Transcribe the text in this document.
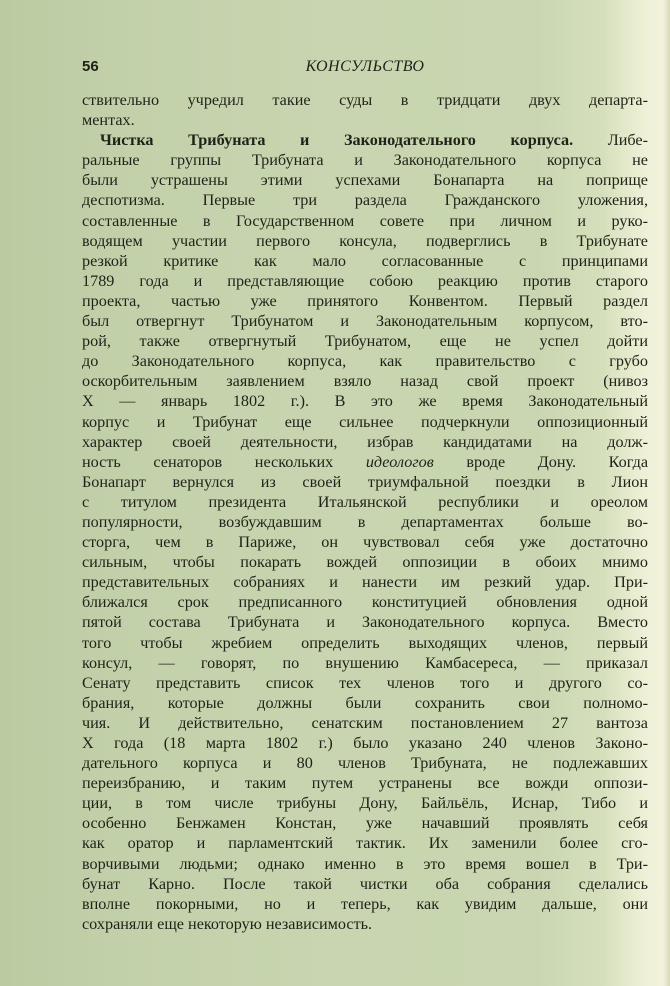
56	КОНСУЛЬСТВО
ствительно учредил такие суды в тридцати двух департа-
ментах.
Чистка Трибуната и Законодательного корпуса. Либе-
ральные группы Трибуната и Законодательного корпуса не
были устрашены этими успехами Бонапарта на поприще
деспотизма. Первые три раздела Гражданского уложения,
составленные в Государственном совете при личном и руко-
водящем участии первого консула, подверглись в Трибунате
резкой критике как мало согласованные с принципами
1789 года и представляющие собою реакцию против старого
проекта, частью уже принятого Конвентом. Первый раздел
был отвергнут Трибунатом и Законодательным корпусом, вто-
рой, также отвергнутый Трибунатом, еще не успел дойти
до Законодательного корпуса, как правительство с грубо
оскорбительным заявлением взяло назад свой проект (нивоз
X — январь 1802 г.). В это же время Законодательный
корпус и Трибунат еще сильнее подчеркнули оппозиционный
характер своей деятельности, избрав кандидатами на долж-
ность сенаторов нескольких идеологов вроде Дону. Когда
Бонапарт вернулся из своей триумфальной поездки в Лион
с титулом президента Итальянской республики и ореолом
популярности, возбуждавшим в департаментах больше во-
сторга, чем в Париже, он чувствовал себя уже достаточно
сильным, чтобы покарать вождей оппозиции в обоих мнимо
представительных собраниях и нанести им резкий удар. При-
ближался срок предписанного конституцией обновления одной
пятой состава Трибуната и Законодательного корпуса. Вместо
того чтобы жребием определить выходящих членов, первый
консул, — говорят, по внушению Камбасереса, — приказал
Сенату представить список тех членов того и другого со-
брания, которые должны были сохранить свои полномо-
чия. И действительно, сенатским постановлением 27 вантоза
X года (18 марта 1802 г.) было указано 240 членов Законо-
дательного корпуса и 80 членов Трибуната, не подлежавших
переизбранию, и таким путем устранены все вожди оппози-
ции, в том числе трибуны Дону, Байльёль, Иснар, Тибо и
особенно Бенжамен Констан, уже начавший проявлять себя
как оратор и парламентский тактик. Их заменили более сго-
ворчивыми людьми; однако именно в это время вошел в Три-
бунат Карно. После такой чистки оба собрания сделались
вполне покорными, но и теперь, как увидим дальше, они
сохраняли еще некоторую независимость.
